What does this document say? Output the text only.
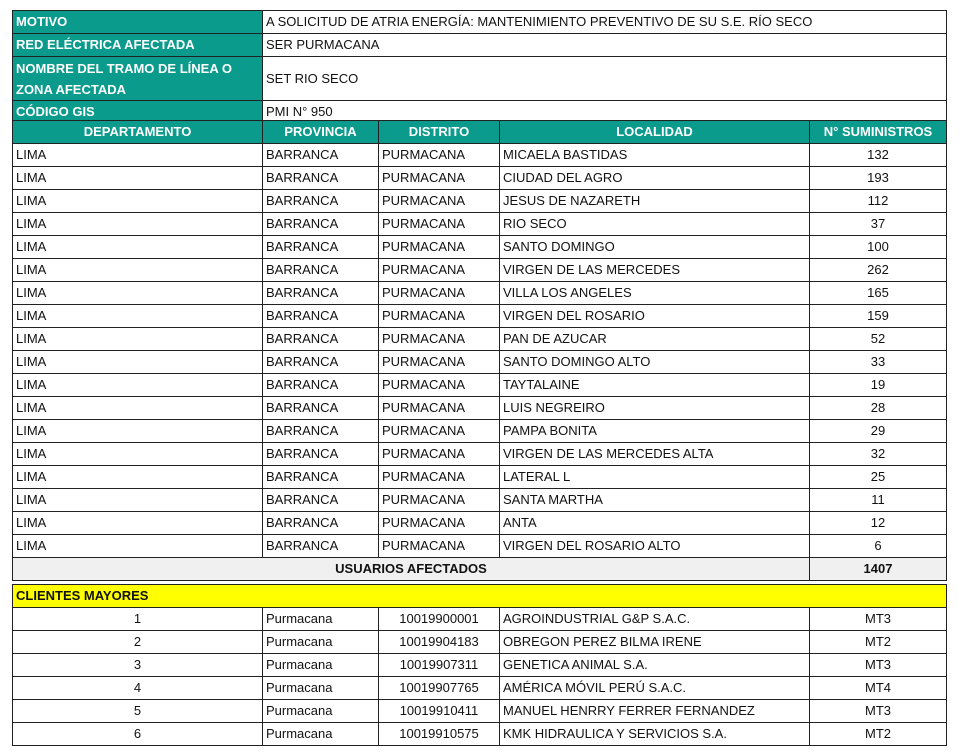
MOTIVO	A SOLICITUD DE ATRIA ENERGÍA: MANTENIMIENTO PREVENTIVO DE SU S.E. RÍO SECO
RED ELÉCTRICA AFECTADA	SER PURMACANA
NOMBRE DEL TRAMO DE LÍNEA O ZONA AFECTADA	SET RIO SECO
CÓDIGO GIS	PMI N° 950
DEPARTAMENTO	PROVINCIA	DISTRITO	LOCALIDAD	N° SUMINISTROS
LIMA	BARRANCA	PURMACANA	MICAELA BASTIDAS	132
LIMA	BARRANCA	PURMACANA	CIUDAD DEL AGRO	193
LIMA	BARRANCA	PURMACANA	JESUS DE NAZARETH	112
LIMA	BARRANCA	PURMACANA	RIO SECO	37
LIMA	BARRANCA	PURMACANA	SANTO DOMINGO	100
LIMA	BARRANCA	PURMACANA	VIRGEN DE LAS MERCEDES	262
LIMA	BARRANCA	PURMACANA	VILLA LOS ANGELES	165
LIMA	BARRANCA	PURMACANA	VIRGEN DEL ROSARIO	159
LIMA	BARRANCA	PURMACANA	PAN DE AZUCAR	52
LIMA	BARRANCA	PURMACANA	SANTO DOMINGO ALTO	33
LIMA	BARRANCA	PURMACANA	TAYTALAINE	19
LIMA	BARRANCA	PURMACANA	LUIS NEGREIRO	28
LIMA	BARRANCA	PURMACANA	PAMPA BONITA	29
LIMA	BARRANCA	PURMACANA	VIRGEN DE LAS MERCEDES ALTA	32
LIMA	BARRANCA	PURMACANA	LATERAL L	25
LIMA	BARRANCA	PURMACANA	SANTA MARTHA	11
LIMA	BARRANCA	PURMACANA	ANTA	12
LIMA	BARRANCA	PURMACANA	VIRGEN DEL ROSARIO ALTO	6
USUARIOS AFECTADOS				1407
CLIENTES MAYORES				
1	Purmacana	10019900001	AGROINDUSTRIAL G&P S.A.C.	MT3
2	Purmacana	10019904183	OBREGON PEREZ BILMA IRENE	MT2
3	Purmacana	10019907311	GENETICA ANIMAL S.A.	MT3
4	Purmacana	10019907765	AMÉRICA MÓVIL PERÚ S.A.C.	MT4
5	Purmacana	10019910411	MANUEL HENRRY FERRER FERNANDEZ	MT3
6	Purmacana	10019910575	KMK HIDRAULICA Y SERVICIOS S.A.	MT2
